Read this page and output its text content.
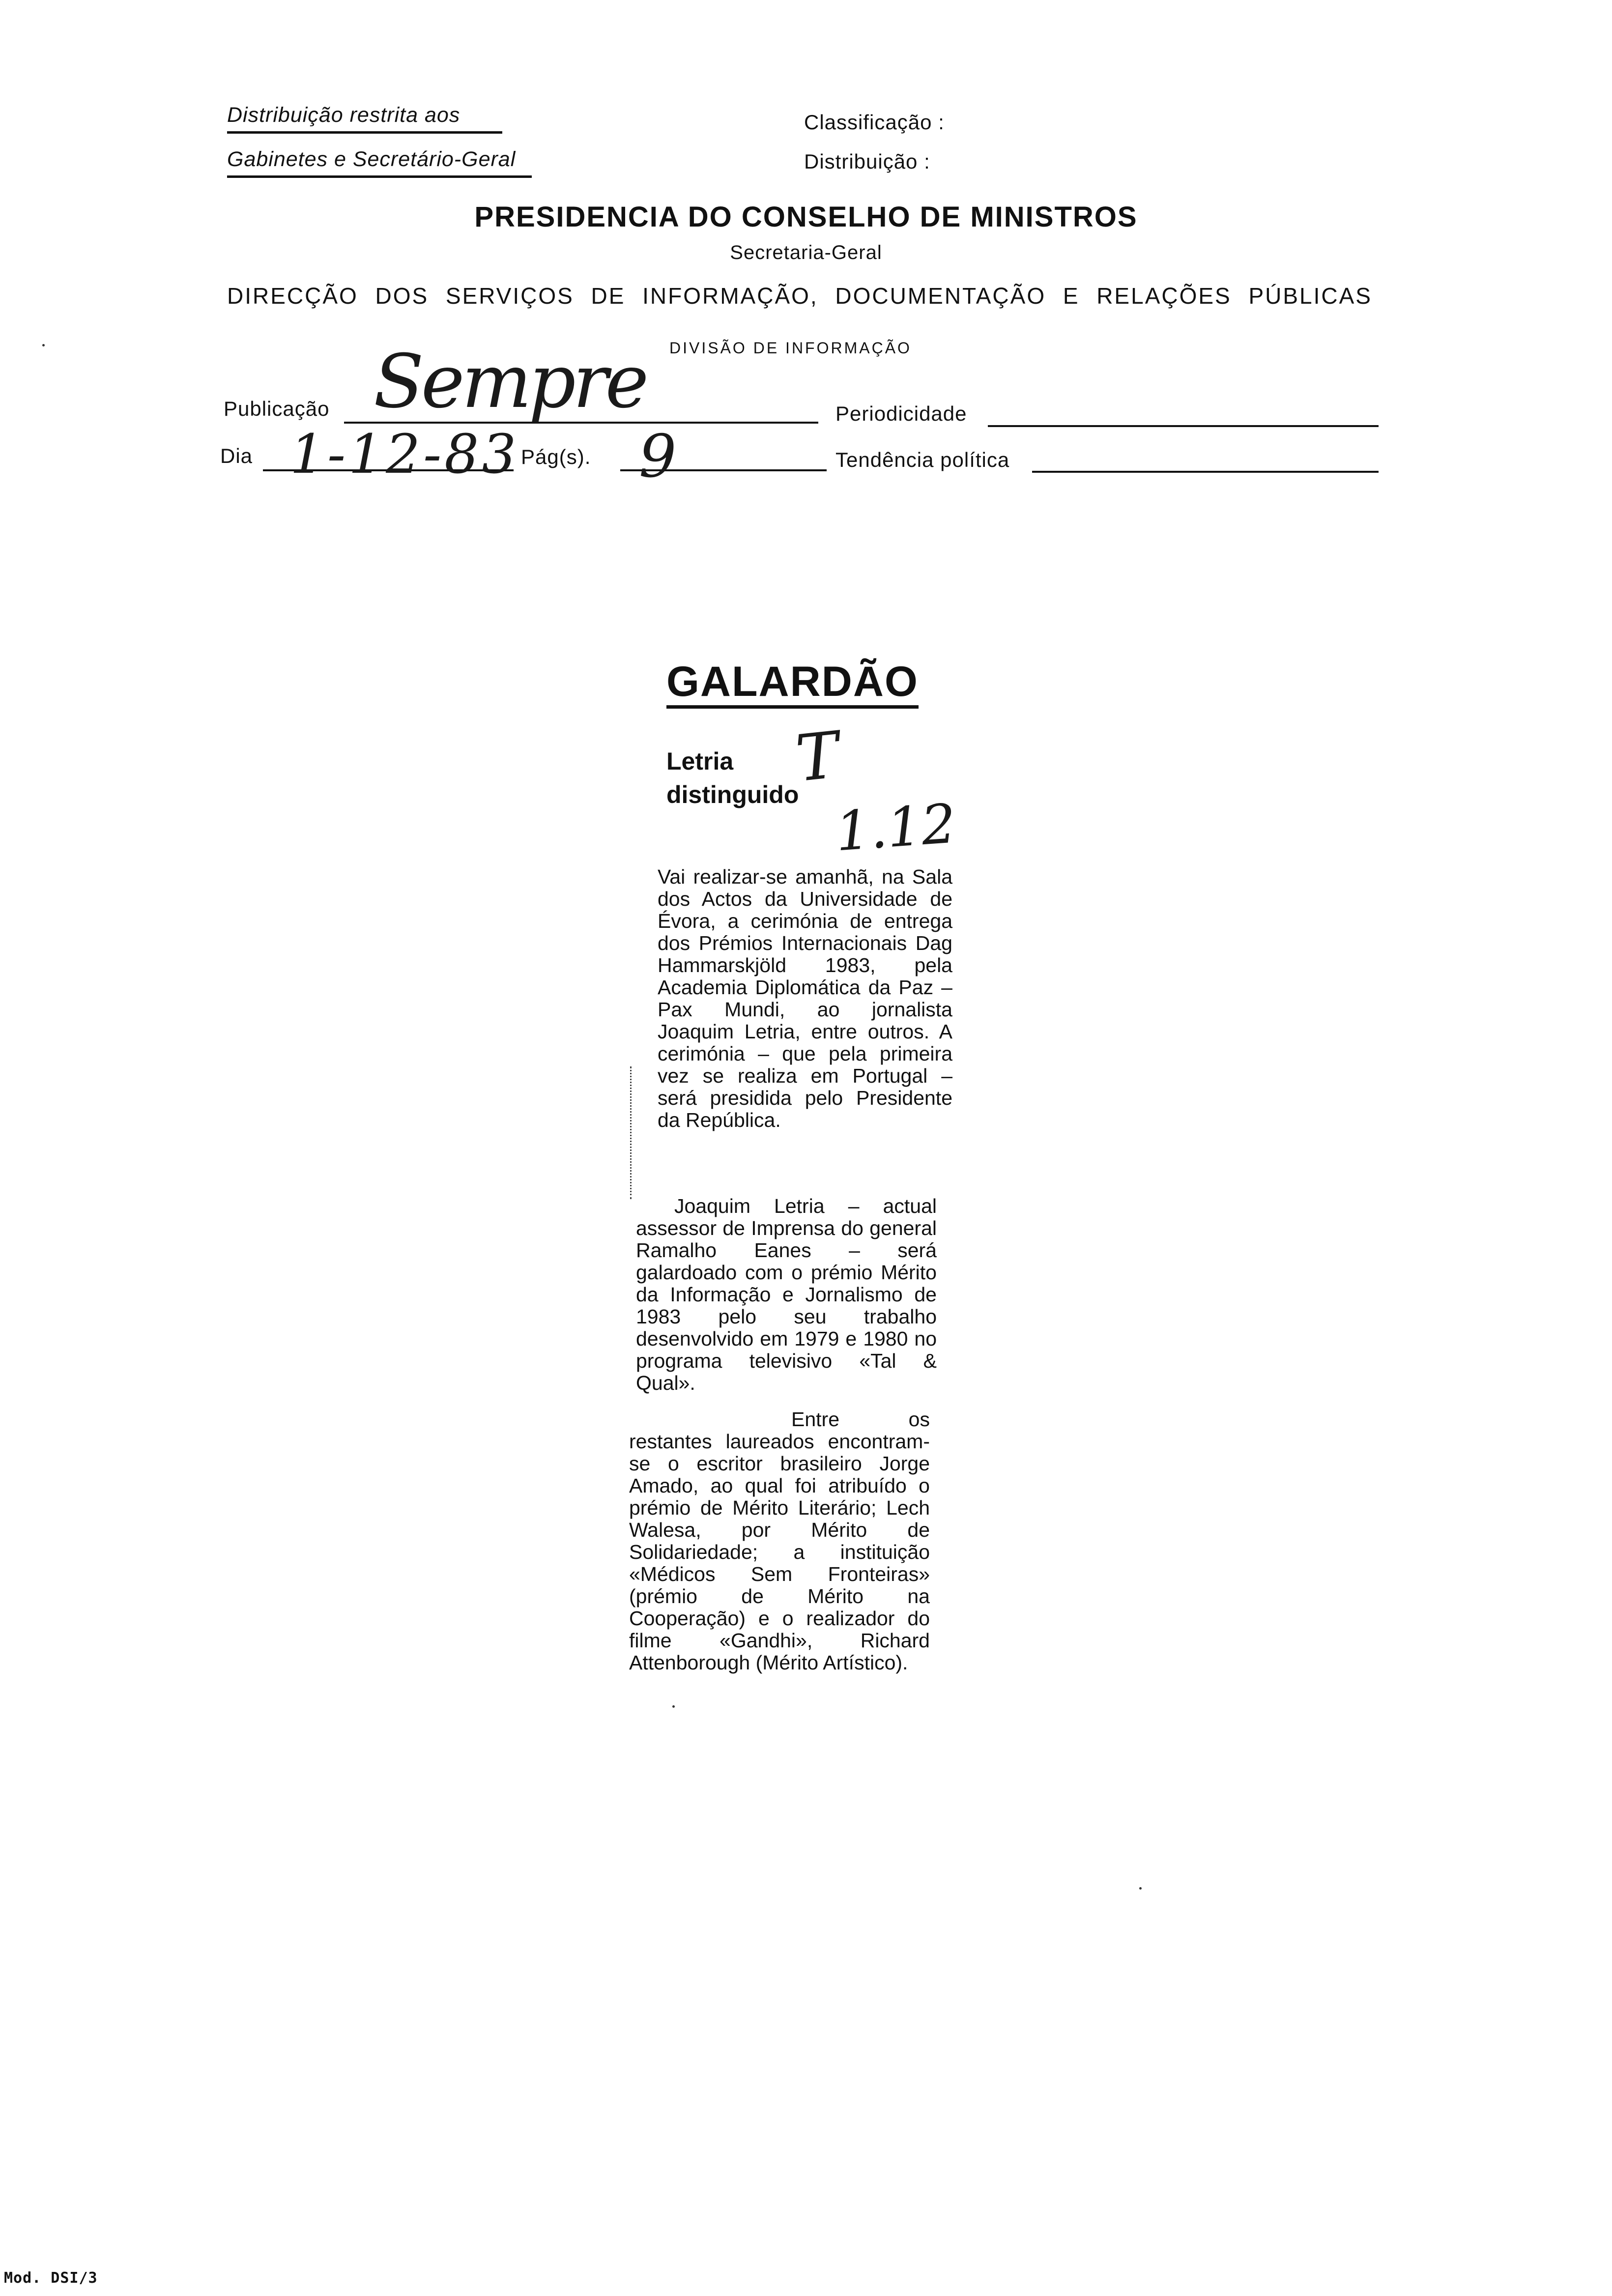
Distribuição restrita aos
Gabinetes e Secretário-Geral
Classificação :
Distribuição :
PRESIDENCIA DO CONSELHO DE MINISTROS
Secretaria-Geral
DIRECÇÃO DOS SERVIÇOS DE INFORMAÇÃO, DOCUMENTAÇÃO E RELAÇÕES PÚBLICAS
DIVISÃO DE INFORMAÇÃO
Publicação Sempre	Periodicidade
Dia 1-12-83 Pág(s). 9	Tendência política
GALARDÃO
Letria
distinguido
T
1.12
Vai realizar-se amanhã, na Sala dos Actos da Universidade de Évora, a cerimónia de entrega dos Prémios Internacionais Dag Hammarskjöld 1983, pela Academia Diplomática da Paz – Pax Mundi, ao jornalista Joaquim Letria, entre outros. A cerimónia – que pela primeira vez se realiza em Portugal – será presidida pelo Presidente da República.
Joaquim Letria – actual assessor de Imprensa do general Ramalho Eanes – será galardoado com o prémio Mérito da Informação e Jornalismo de 1983 pelo seu trabalho desenvolvido em 1979 e 1980 no programa televisivo «Tal & Qual».
Entre os restantes laureados encontram-se o escritor brasileiro Jorge Amado, ao qual foi atribuído o prémio de Mérito Literário; Lech Walesa, por Mérito de Solidariedade; a instituição «Médicos Sem Fronteiras» (prémio de Mérito na Cooperação) e o realizador do filme «Gandhi», Richard Attenborough (Mérito Artístico).
Mod. DSI/3
